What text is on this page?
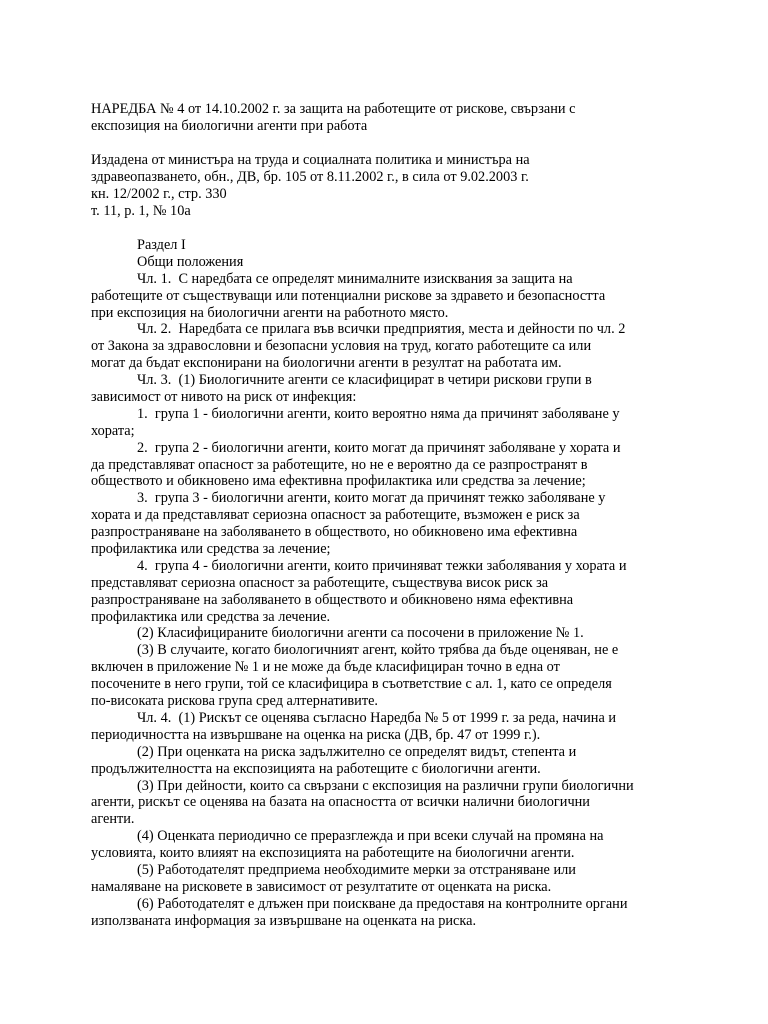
НАРЕДБА № 4 от 14.10.2002 г. за защита на работещите от рискове, свързани с
експозиция на биологични агенти при работа
Издадена от министъра на труда и социалната политика и министъра на
здравеопазването, обн., ДВ, бр. 105 от 8.11.2002 г., в сила от 9.02.2003 г.
кн. 12/2002 г., стр. 330
т. 11, р. 1, № 10а
Раздел I
Общи положения
Чл. 1.  С наредбата се определят минималните изисквания за защита на
работещите от съществуващи или потенциални рискове за здравето и безопасността
при експозиция на биологични агенти на работното място.
Чл. 2.  Наредбата се прилага във всички предприятия, места и дейности по чл. 2
от Закона за здравословни и безопасни условия на труд, когато работещите са или
могат да бъдат експонирани на биологични агенти в резултат на работата им.
Чл. 3.  (1) Биологичните агенти се класифицират в четири рискови групи в
зависимост от нивото на риск от инфекция:
1.  група 1 - биологични агенти, които вероятно няма да причинят заболяване у
хората;
2.  група 2 - биологични агенти, които могат да причинят заболяване у хората и
да представляват опасност за работещите, но не е вероятно да се разпространят в
обществото и обикновено има ефективна профилактика или средства за лечение;
3.  група 3 - биологични агенти, които могат да причинят тежко заболяване у
хората и да представляват сериозна опасност за работещите, възможен е риск за
разпространяване на заболяването в обществото, но обикновено има ефективна
профилактика или средства за лечение;
4.  група 4 - биологични агенти, които причиняват тежки заболявания у хората и
представляват сериозна опасност за работещите, съществува висок риск за
разпространяване на заболяването в обществото и обикновено няма ефективна
профилактика или средства за лечение.
(2) Класифицираните биологични агенти са посочени в приложение № 1.
(3) В случаите, когато биологичният агент, който трябва да бъде оценяван, не е
включен в приложение № 1 и не може да бъде класифициран точно в една от
посочените в него групи, той се класифицира в съответствие с ал. 1, като се определя
по-високата рискова група сред алтернативите.
Чл. 4.  (1) Рискът се оценява съгласно Наредба № 5 от 1999 г. за реда, начина и
периодичността на извършване на оценка на риска (ДВ, бр. 47 от 1999 г.).
(2) При оценката на риска задължително се определят видът, степента и
продължителността на експозицията на работещите с биологични агенти.
(3) При дейности, които са свързани с експозиция на различни групи биологични
агенти, рискът се оценява на базата на опасността от всички налични биологични
агенти.
(4) Оценката периодично се преразглежда и при всеки случай на промяна на
условията, които влияят на експозицията на работещите на биологични агенти.
(5) Работодателят предприема необходимите мерки за отстраняване или
намаляване на рисковете в зависимост от резултатите от оценката на риска.
(6) Работодателят е длъжен при поискване да предоставя на контролните органи
използваната информация за извършване на оценката на риска.
